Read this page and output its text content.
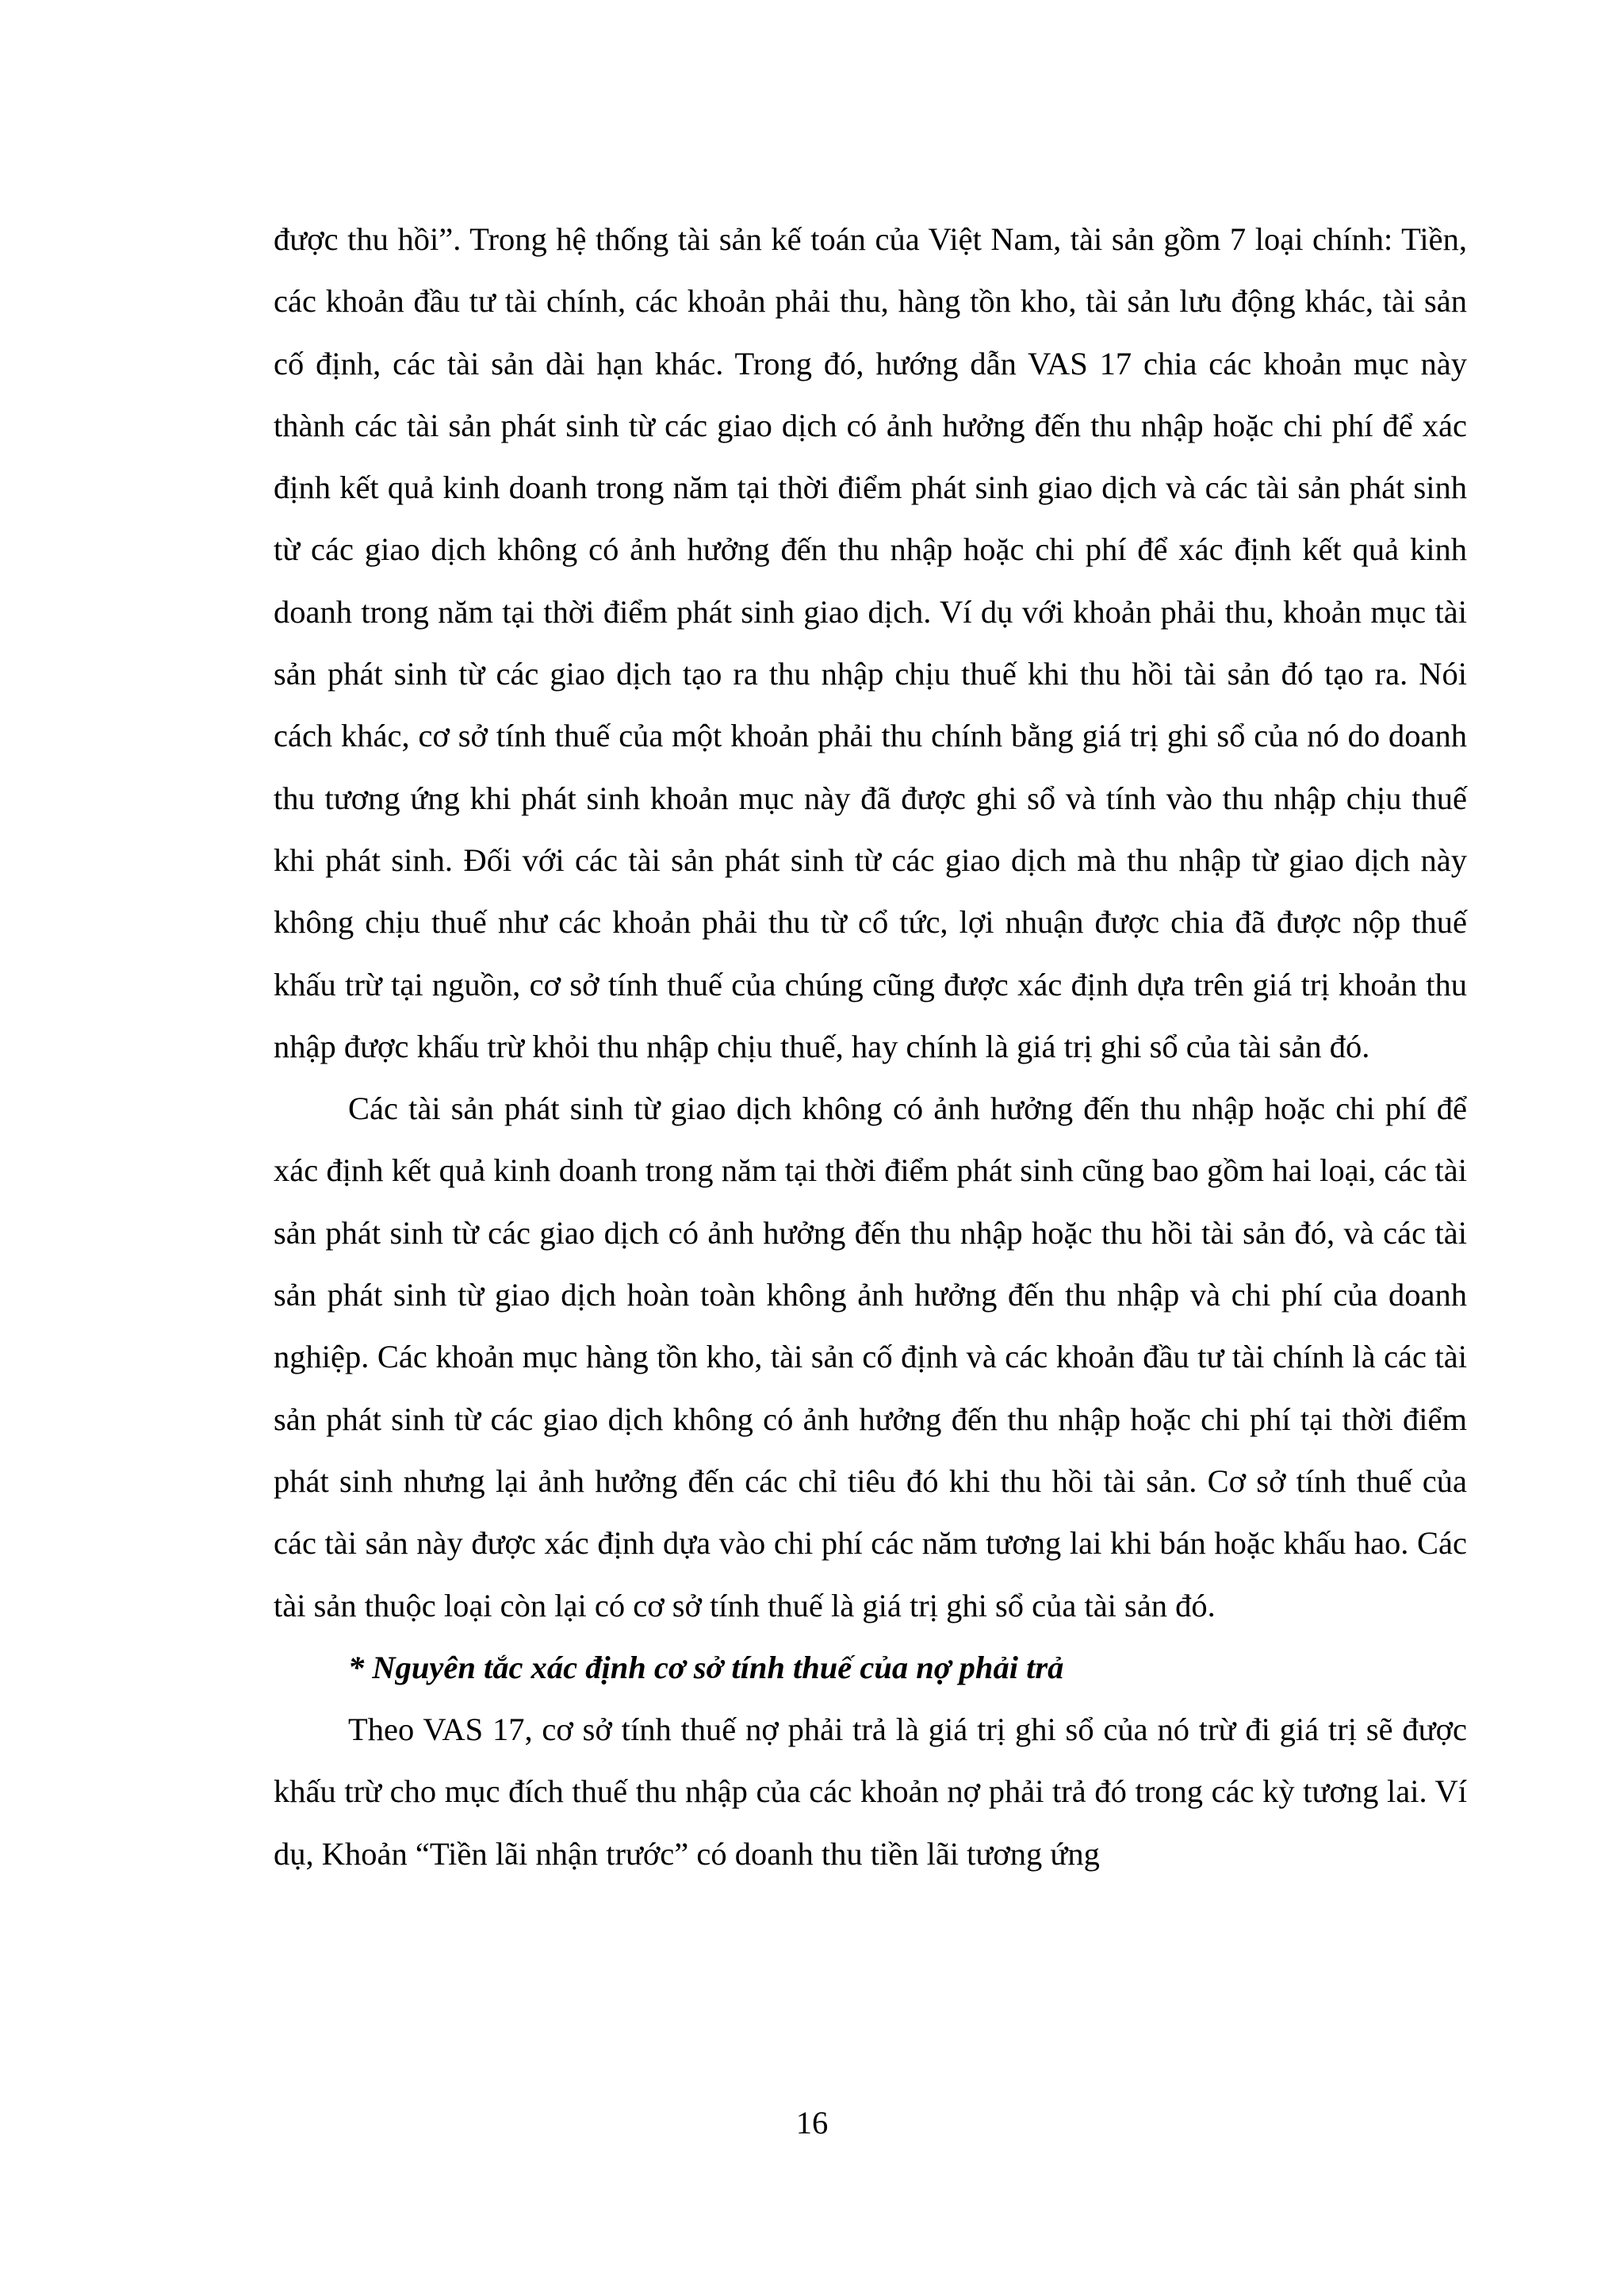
được thu hồi”. Trong hệ thống tài sản kế toán của Việt Nam, tài sản gồm 7 loại chính: Tiền, các khoản đầu tư tài chính, các khoản phải thu, hàng tồn kho, tài sản lưu động khác, tài sản cố định, các tài sản dài hạn khác. Trong đó, hướng dẫn VAS 17 chia các khoản mục này thành các tài sản phát sinh từ các giao dịch có ảnh hưởng đến thu nhập hoặc chi phí để xác định kết quả kinh doanh trong năm tại thời điểm phát sinh giao dịch và các tài sản phát sinh từ các giao dịch không có ảnh hưởng đến thu nhập hoặc chi phí để xác định kết quả kinh doanh trong năm tại thời điểm phát sinh giao dịch. Ví dụ với khoản phải thu, khoản mục tài sản phát sinh từ các giao dịch tạo ra thu nhập chịu thuế khi thu hồi tài sản đó tạo ra. Nói cách khác, cơ sở tính thuế của một khoản phải thu chính bằng giá trị ghi sổ của nó do doanh thu tương ứng khi phát sinh khoản mục này đã được ghi sổ và tính vào thu nhập chịu thuế khi phát sinh. Đối với các tài sản phát sinh từ các giao dịch mà thu nhập từ giao dịch này không chịu thuế như các khoản phải thu từ cổ tức, lợi nhuận được chia đã được nộp thuế khấu trừ tại nguồn, cơ sở tính thuế của chúng cũng được xác định dựa trên giá trị khoản thu nhập được khấu trừ khỏi thu nhập chịu thuế, hay chính là giá trị ghi sổ của tài sản đó.

Các tài sản phát sinh từ giao dịch không có ảnh hưởng đến thu nhập hoặc chi phí để xác định kết quả kinh doanh trong năm tại thời điểm phát sinh cũng bao gồm hai loại, các tài sản phát sinh từ các giao dịch có ảnh hưởng đến thu nhập hoặc thu hồi tài sản đó, và các tài sản phát sinh từ giao dịch hoàn toàn không ảnh hưởng đến thu nhập và chi phí của doanh nghiệp. Các khoản mục hàng tồn kho, tài sản cố định và các khoản đầu tư tài chính là các tài sản phát sinh từ các giao dịch không có ảnh hưởng đến thu nhập hoặc chi phí tại thời điểm phát sinh nhưng lại ảnh hưởng đến các chỉ tiêu đó khi thu hồi tài sản. Cơ sở tính thuế của các tài sản này được xác định dựa vào chi phí các năm tương lai khi bán hoặc khấu hao. Các tài sản thuộc loại còn lại có cơ sở tính thuế là giá trị ghi sổ của tài sản đó.

* Nguyên tắc xác định cơ sở tính thuế của nợ phải trả

Theo VAS 17, cơ sở tính thuế nợ phải trả là giá trị ghi sổ của nó trừ đi giá trị sẽ được khấu trừ cho mục đích thuế thu nhập của các khoản nợ phải trả đó trong các kỳ tương lai. Ví dụ, Khoản “Tiền lãi nhận trước” có doanh thu tiền lãi tương ứng

16
